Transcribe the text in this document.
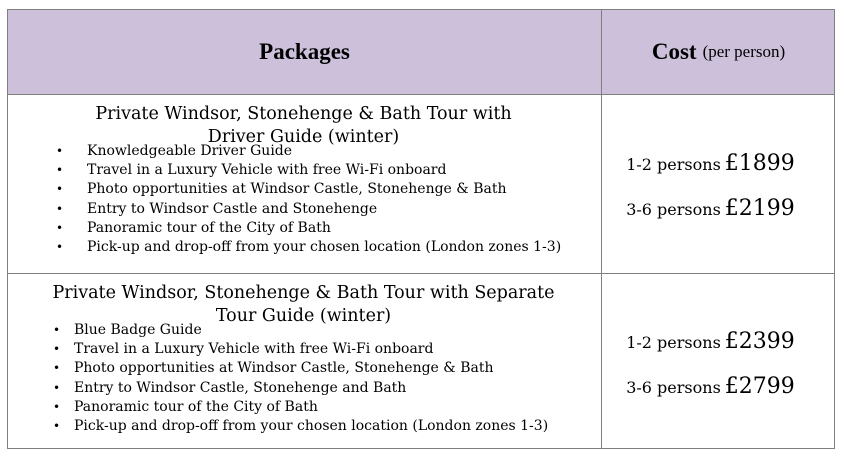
Packages	Cost (per person)
Private Windsor, Stonehenge & Bath Tour with
Driver Guide (winter)
• Knowledgeable Driver Guide
• Travel in a Luxury Vehicle with free Wi-Fi onboard
• Photo opportunities at Windsor Castle, Stonehenge & Bath
• Entry to Windsor Castle and Stonehenge
• Panoramic tour of the City of Bath
• Pick-up and drop-off from your chosen location (London zones 1-3)
1-2 persons £1899
3-6 persons £2199
Private Windsor, Stonehenge & Bath Tour with Separate
Tour Guide (winter)
• Blue Badge Guide
• Travel in a Luxury Vehicle with free Wi-Fi onboard
• Photo opportunities at Windsor Castle, Stonehenge & Bath
• Entry to Windsor Castle, Stonehenge and Bath
• Panoramic tour of the City of Bath
• Pick-up and drop-off from your chosen location (London zones 1-3)
1-2 persons £2399
3-6 persons £2799
